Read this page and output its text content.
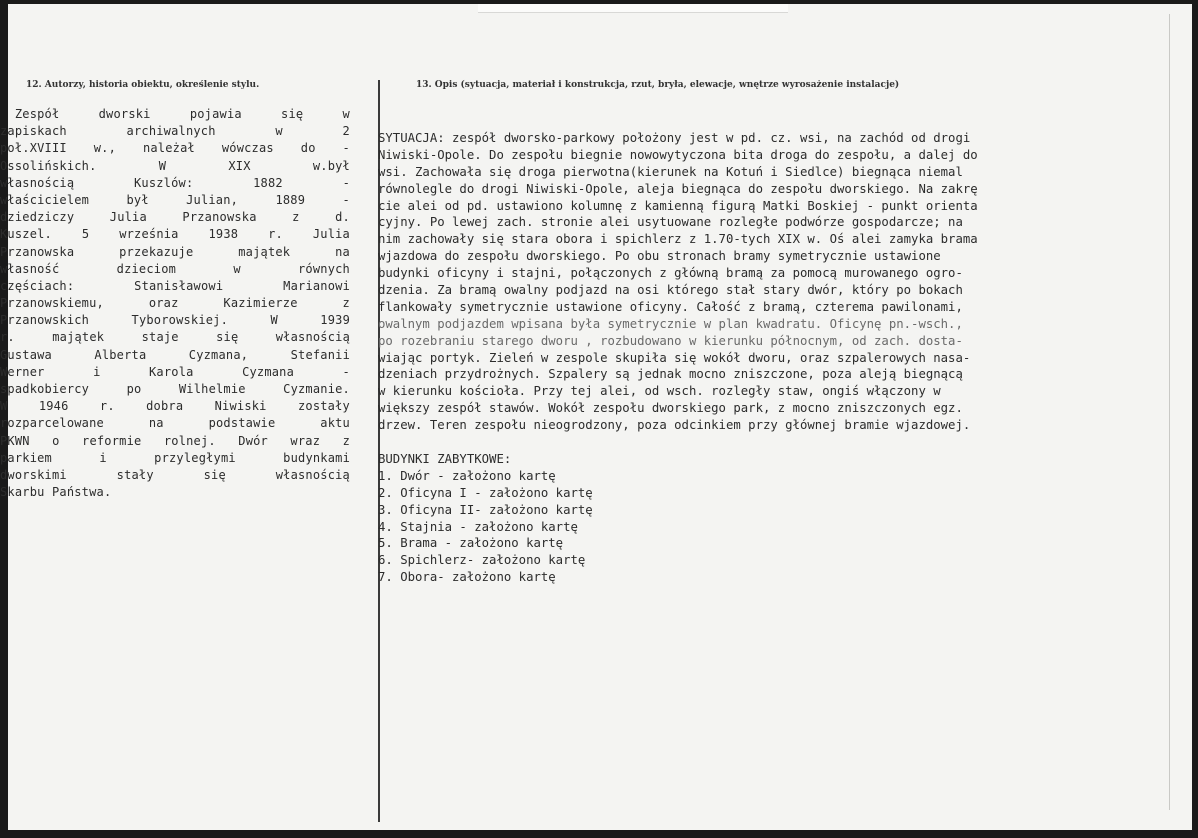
12. Autorzy, historia obiektu, określenie stylu.	13. Opis (sytuacja, materiał i konstrukcja, rzut, bryła, elewacje, wnętrze wyrosażenie instalacje)
Zespół	dworski	pojawia	się	w
zapiskach	archiwalnych	w	2
poł.XVIII w., należał wówczas do -
Ossolińskich.	W	XIX	w.był
własnością	Kuszlów:	1882	-
właścicielem	był	Julian,	1889	-
dziedziczy	Julia	Przanowska	z	d.
Kuszel. 5 września 1938 r. Julia
Przanowska	przekazuje	majątek	na
własność	dzieciom	w	równych
częściach:	Stanisławowi	Marianowi
Przanowskiemu,	oraz	Kazimierze	z
Przanowskich	Tyborowskiej.	W	1939
r.	majątek	staje	się	własnością
Gustawa	Alberta	Cyzmana,	Stefanii
Werner	i	Karola	Cyzmana	-
spadkobiercy	po	Wilhelmie	Cyzmanie.
W	1946	r.	dobra	Niwiski	zostały
rozparcelowane	na	podstawie	aktu
PKWN o reformie rolnej. Dwór wraz z
parkiem	i	przyległymi	budynkami
dworskimi	stały	się	własnością
Skarbu Państwa.
SYTUACJA: zespół dworsko-parkowy położony jest w pd. cz. wsi, na zachód od drogi
Niwiski-Opole. Do zespołu biegnie nowowytyczona bita droga do zespołu, a dalej do
wsi. Zachowała się droga pierwotna(kierunek na Kotuń i Siedlce) biegnąca niemal
równolegle do drogi Niwiski-Opole, aleja biegnąca do zespołu dworskiego. Na zakrę
cie alei od pd. ustawiono kolumnę z kamienną figurą Matki Boskiej - punkt orienta
cyjny. Po lewej zach. stronie alei usytuowane rozległe podwórze gospodarcze; na
nim zachowały się stara obora i spichlerz z 1.70-tych XIX w. Oś alei zamyka brama
wjazdowa do zespołu dworskiego. Po obu stronach bramy symetrycznie ustawione
budynki oficyny i stajni, połączonych z główną bramą za pomocą murowanego ogro-
dzenia. Za bramą owalny podjazd na osi którego stał stary dwór, który po bokach
flankowały symetrycznie ustawione oficyny. Całość z bramą, czterema pawilonami,
owalnym podjazdem wpisana była symetrycznie w plan kwadratu. Oficynę pn.-wsch.,
po rozebraniu starego dworu , rozbudowano w kierunku północnym, od zach. dosta-
wiając portyk. Zieleń w zespole skupiła się wokół dworu, oraz szpalerowych nasa-
dzeniach przydrożnych. Szpalery są jednak mocno zniszczone, poza aleją biegnącą
w kierunku kościoła. Przy tej alei, od wsch. rozległy staw, ongiś włączony w
większy zespół stawów. Wokół zespołu dworskiego park, z mocno zniszczonych egz.
drzew. Teren zespołu nieogrodzony, poza odcinkiem przy głównej bramie wjazdowej.
BUDYNKI ZABYTKOWE:
1. Dwór - założono kartę
2. Oficyna I - założono kartę
3. Oficyna II- założono kartę
4. Stajnia - założono kartę
5. Brama - założono kartę
6. Spichlerz- założono kartę
7. Obora- założono kartę
